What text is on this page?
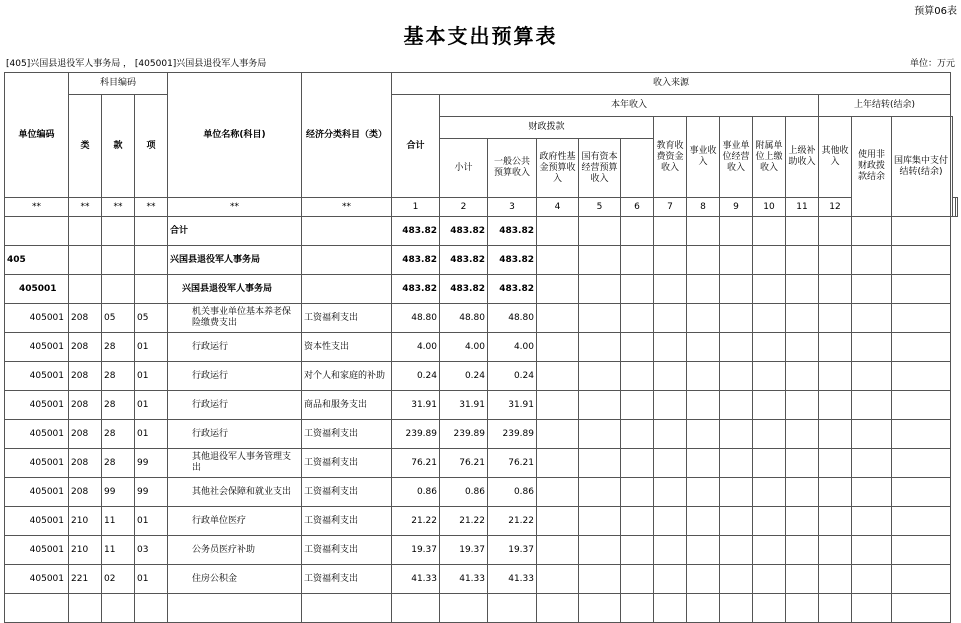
预算06表
基本支出预算表
[405]兴国县退役军人事务局 ， [405001]兴国县退役军人事务局	单位：万元
单位编码	科目编码			单位名称(科目)	经济分类科目（类）	收入来源																
	类	款	项			合计	本年收入										上年结转(结余)					
							财政拨款					教育收费资金收入	事业收入	事业单位经营收入	附属单位上缴收入	上级补助收入	其他收入	使用非财政拨款结余	国库集中支付结转(结余)	
							小计	一般公共预算收入	政府性基金预算收入	国有资本经营预算收入												
**	**	**	**	**	**	1	2	3	4	5	6	7	8	9	10	11	12		
				合计		483.82	483.82	483.82														
405				兴国县退役军人事务局		483.82	483.82	483.82														
405001				兴国县退役军人事务局		483.82	483.82	483.82														
405001	208	05	05	机关事业单位基本养老保险缴费支出	工资福利支出	48.80	48.80	48.80														
405001	208	28	01	行政运行	资本性支出	4.00	4.00	4.00														
405001	208	28	01	行政运行	对个人和家庭的补助	0.24	0.24	0.24														
405001	208	28	01	行政运行	商品和服务支出	31.91	31.91	31.91														
405001	208	28	01	行政运行	工资福利支出	239.89	239.89	239.89														
405001	208	28	99	其他退役军人事务管理支出	工资福利支出	76.21	76.21	76.21														
405001	208	99	99	其他社会保障和就业支出	工资福利支出	0.86	0.86	0.86														
405001	210	11	01	行政单位医疗	工资福利支出	21.22	21.22	21.22														
405001	210	11	03	公务员医疗补助	工资福利支出	19.37	19.37	19.37														
405001	221	02	01	住房公积金	工资福利支出	41.33	41.33	41.33														
